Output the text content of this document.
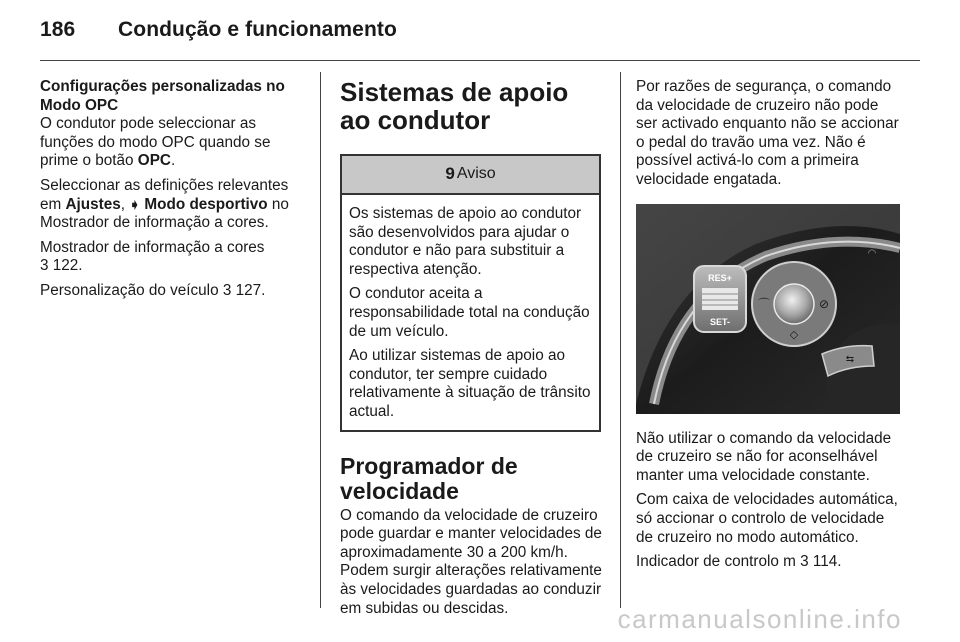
186 Condução e funcionamento

Configurações personalizadas no Modo OPC

O condutor pode seleccionar as funções do modo OPC quando se prime o botão OPC.

Seleccionar as definições relevantes em Ajustes, ➧ Modo desportivo no Mostrador de informação a cores.

Mostrador de informação a cores
3 122.

Personalização do veículo 3 127.

Sistemas de apoio ao condutor
9 Aviso

Os sistemas de apoio ao condutor são desenvolvidos para ajudar o condutor e não para substituir a respectiva atenção.

O condutor aceita a responsabilidade total na condução de um veículo.

Ao utilizar sistemas de apoio ao condutor, ter sempre cuidado relativamente à situação de trânsito actual.

Programador de velocidade

O comando da velocidade de cruzeiro pode guardar e manter velocidades de aproximadamente 30 a 200 km/h. Podem surgir alterações relativamente às velocidades guardadas ao conduzir em subidas ou descidas.

Por razões de segurança, o comando da velocidade de cruzeiro não pode ser activado enquanto não se accionar o pedal do travão uma vez. Não é possível activá-lo com a primeira velocidade engatada.

RES+
SET-
⌒	⊘
◇
⇆
◠

Não utilizar o comando da velocidade de cruzeiro se não for aconselhável manter uma velocidade constante.

Com caixa de velocidades automática, só accionar o controlo de velocidade de cruzeiro no modo automático.

Indicador de controlo m 3 114.

carmanualsonline.info
